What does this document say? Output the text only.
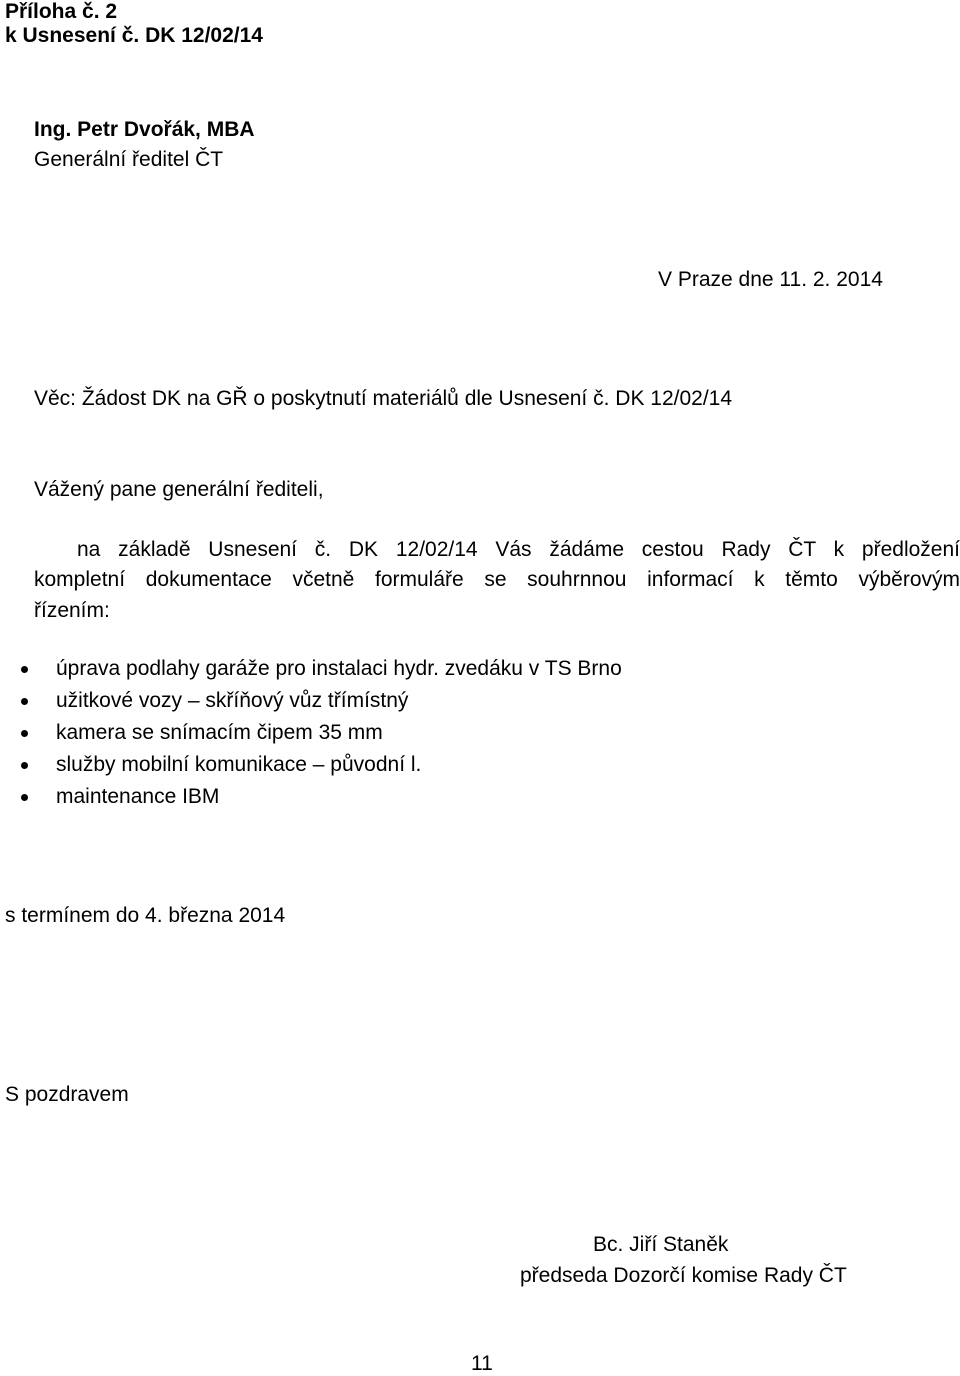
Příloha č. 2
k Usnesení č. DK 12/02/14
Ing. Petr Dvořák, MBA
Generální ředitel ČT
V Praze dne 11. 2. 2014
Věc: Žádost DK na GŘ o poskytnutí materiálů dle Usnesení č. DK 12/02/14
Vážený pane generální řediteli,
na základě Usnesení č. DK 12/02/14 Vás žádáme cestou Rady ČT k předložení
kompletní dokumentace včetně formuláře se souhrnnou informací k těmto výběrovým
řízením:
úprava podlahy garáže pro instalaci hydr. zvedáku v TS Brno
užitkové vozy – skříňový vůz třímístný
kamera se snímacím čipem 35 mm
služby mobilní komunikace – původní l.
maintenance IBM
s termínem do 4. března 2014
S pozdravem
Bc. Jiří Staněk
předseda Dozorčí komise Rady ČT
11
